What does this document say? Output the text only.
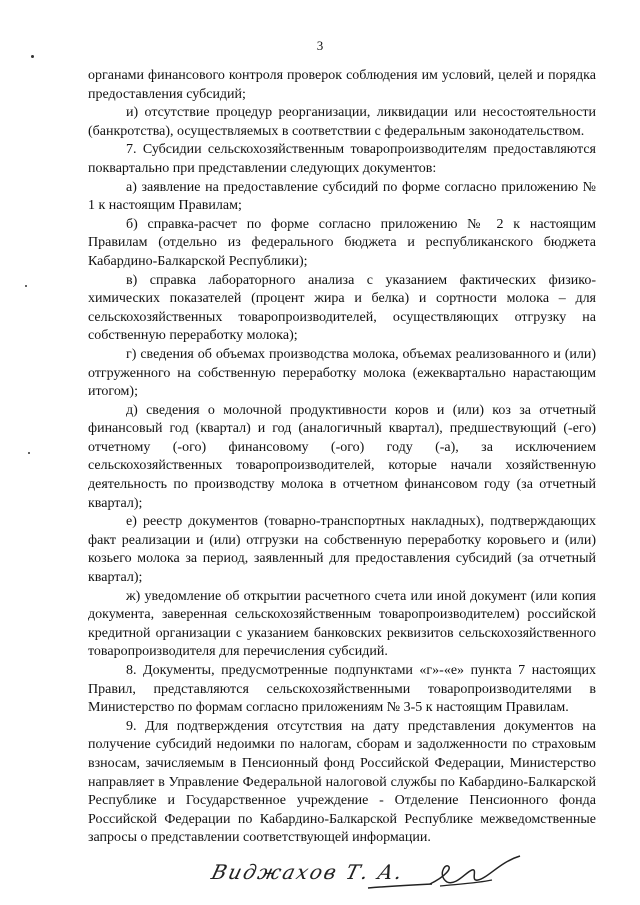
3

органами финансового контроля проверок соблюдения им условий, целей и порядка предоставления субсидий;

и) отсутствие процедур реорганизации, ликвидации или несостоятельности (банкротства), осуществляемых в соответствии с федеральным законодательством.

7. Субсидии сельскохозяйственным товаропроизводителям предоставляются поквартально при представлении следующих документов:

а) заявление на предоставление субсидий по форме согласно приложению № 1 к настоящим Правилам;

б) справка-расчет по форме согласно приложению № 2 к настоящим Правилам (отдельно из федерального бюджета и республиканского бюджета Кабардино-Балкарской Республики);

в) справка лабораторного анализа с указанием фактических физико-химических показателей (процент жира и белка) и сортности молока – для сельскохозяйственных товаропроизводителей, осуществляющих отгрузку на собственную переработку молока);

г) сведения об объемах производства молока, объемах реализованного и (или) отгруженного на собственную переработку молока (ежеквартально нарастающим итогом);

д) сведения о молочной продуктивности коров и (или) коз за отчетный финансовый год (квартал) и год (аналогичный квартал), предшествующий (-его) отчетному (-ого) финансовому (-ого) году (-а), за исключением сельскохозяйственных товаропроизводителей, которые начали хозяйственную деятельность по производству молока в отчетном финансовом году (за отчетный квартал);

е) реестр документов (товарно-транспортных накладных), подтверждающих факт реализации и (или) отгрузки на собственную переработку коровьего и (или) козьего молока за период, заявленный для предоставления субсидий (за отчетный квартал);

ж) уведомление об открытии расчетного счета или иной документ (или копия документа, заверенная сельскохозяйственным товаропроизводителем) российской кредитной организации с указанием банковских реквизитов сельскохозяйственного товаропроизводителя для перечисления субсидий.

8. Документы, предусмотренные подпунктами «г»-«е» пункта 7 настоящих Правил, представляются сельскохозяйственными товаропроизводителями в Министерство по формам согласно приложениям № 3-5 к настоящим Правилам.

9. Для подтверждения отсутствия на дату представления документов на получение субсидий недоимки по налогам, сборам и задолженности по страховым взносам, зачисляемым в Пенсионный фонд Российской Федерации, Министерство направляет в Управление Федеральной налоговой службы по Кабардино-Балкарской Республике и Государственное учреждение - Отделение Пенсионного фонда Российской Федерации по Кабардино-Балкарской Республике межведомственные запросы о представлении соответствующей информации.

Виджахов Т. А.
